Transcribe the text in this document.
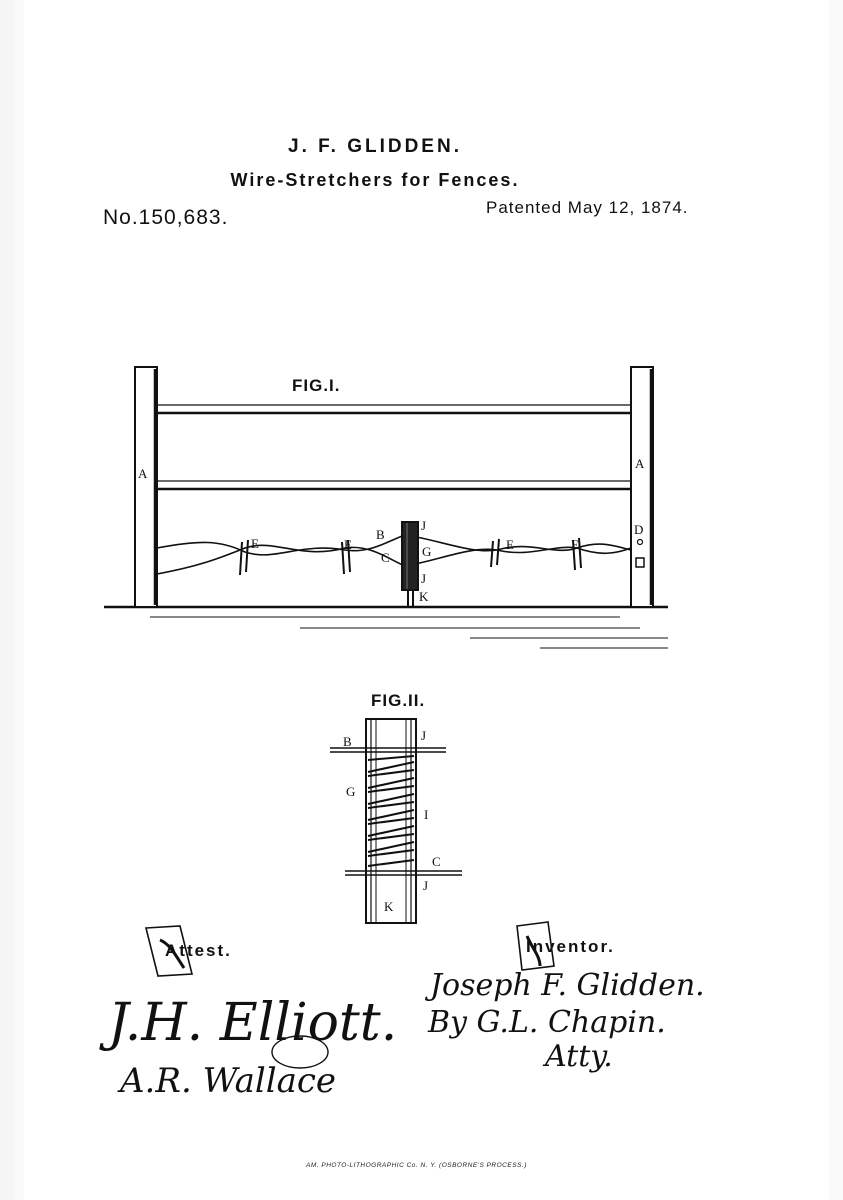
J. F. GLIDDEN.
Wire-Stretchers for Fences.
No.150,683.	Patented May 12, 1874.
FIG.I.
A
A
B
C
E	E	E	E
G
J
J
K
D
FIG.II.
B	J
G
I
C
J
K
Attest.	Inventor.
J.H. Elliott.
A.R. Wallace
Joseph F. Glidden.
By G.L. Chapin.
Atty.
AM. PHOTO-LITHOGRAPHIC Co. N. Y. (OSBORNE'S PROCESS.)
